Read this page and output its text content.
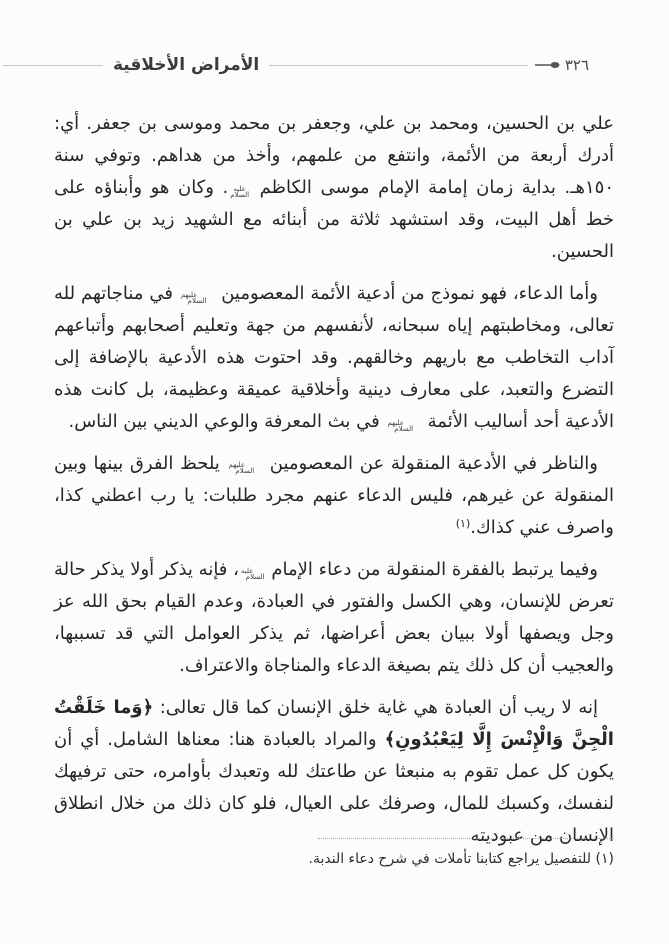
٣٢٦
الأمراض الأخلاقية

علي بن الحسين، ومحمد بن علي، وجعفر بن محمد وموسى بن جعفر. أي: أدرك أربعة من الأئمة، وانتفع من علمهم، وأخذ من هداهم. وتوفي سنة ١٥٠هـ. بداية زمان إمامة الإمام موسى الكاظم عليه
السلام. وكان هو وأبناؤه على خط أهل البيت، وقد استشهد ثلاثة من أبنائه مع الشهيد زيد بن علي بن الحسين.

وأما الدعاء، فهو نموذج من أدعية الأئمة المعصومين عليهم
السلام في مناجاتهم لله تعالى، ومخاطبتهم إياه سبحانه، لأنفسهم من جهة وتعليم أصحابهم وأتباعهم آداب التخاطب مع باريهم وخالقهم. وقد احتوت هذه الأدعية بالإضافة إلى التضرع والتعبد، على معارف دينية وأخلاقية عميقة وعظيمة، بل كانت هذه الأدعية أحد أساليب الأئمة عليهم
السلام في بث المعرفة والوعي الديني بين الناس.

والناظر في الأدعية المنقولة عن المعصومين عليهم
السلام يلحظ الفرق بينها وبين المنقولة عن غيرهم، فليس الدعاء عنهم مجرد طلبات: يا رب اعطني كذا، واصرف عني كذاك.$^{(١)}$

وفيما يرتبط بالفقرة المنقولة من دعاء الإمامعليه
السلام، فإنه يذكر أولا يذكر حالة تعرض للإنسان، وهي الكسل والفتور في العبادة، وعدم القيام بحق الله عز وجل ويصفها أولا ببيان بعض أعراضها، ثم يذكر العوامل التي قد تسببها، والعجيب أن كل ذلك يتم بصيغة الدعاء والمناجاة والاعتراف.

إنه لا ريب أن العبادة هي غاية خلق الإنسان كما قال تعالى: ﴿وَما خَلَقْتُ الْجِنَّ وَالْإِنْسَ إِلَّا لِيَعْبُدُونِ﴾ والمراد بالعبادة هنا: معناها الشامل. أي أن يكون كل عمل تقوم به منبعثا عن طاعتك لله وتعبدك بأوامره، حتى ترفيهك لنفسك، وكسبك للمال، وصرفك على العيال، فلو كان ذلك من خلال انطلاق الإنسان من عبوديته

(١) للتفصيل يراجع كتابنا تأملات في شرح دعاء الندبة.
